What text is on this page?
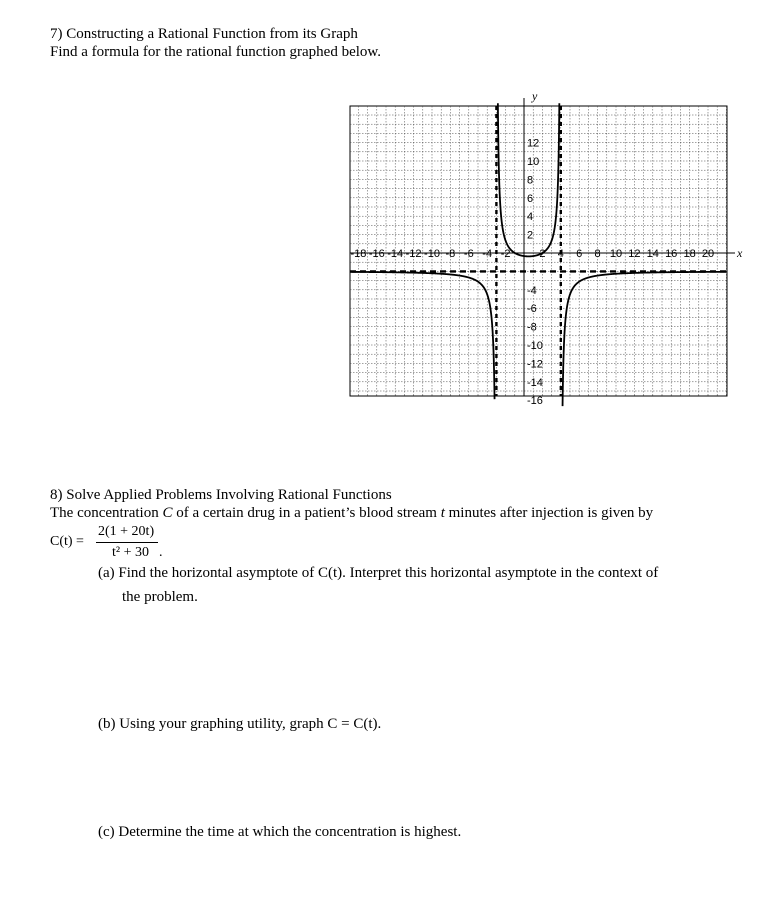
7) Constructing a Rational Function from its Graph
Find a formula for the rational function graphed below.
12
10
8
6
4
2
-4
-6
-8
-10
-12
-14
-16
-18 -16 -14 -12 -10 -8 -6 -4 -2	2 4 6 8 10 12 14 16 18 20
y
x
8) Solve Applied Problems Involving Rational Functions
The concentration C of a certain drug in a patient’s blood stream t minutes after injection is given by
C(t) =
2(1 + 20t)
t² + 30 .
(a) Find the horizontal asymptote of C(t). Interpret this horizontal asymptote in the context of
the problem.
(b) Using your graphing utility, graph C = C(t).
(c) Determine the time at which the concentration is highest.
